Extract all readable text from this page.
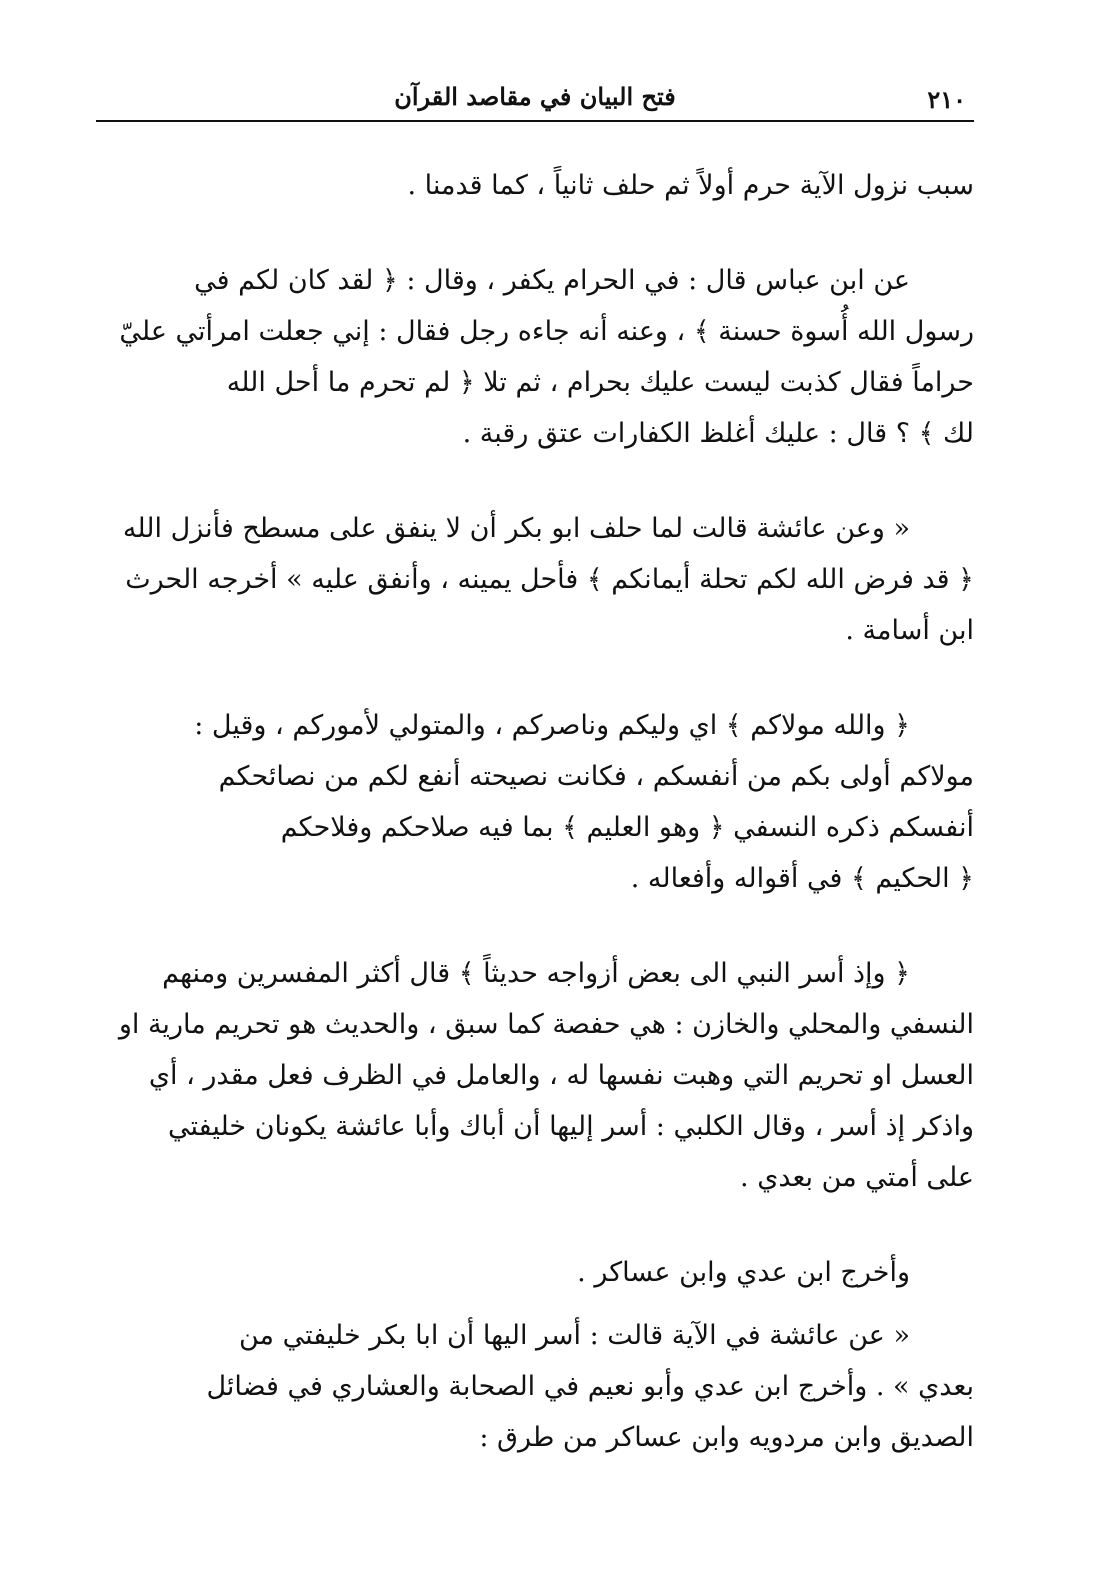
٢١٠
فتح البيان في مقاصد القرآن

سبب نزول الآية حرم أولاً ثم حلف ثانياً ، كما قدمنا .

عن ابن عباس قال : في الحرام يكفر ، وقال : ﴿ لقد كان لكم في
رسول الله أُسوة حسنة ﴾ ، وعنه أنه جاءه رجل فقال : إني جعلت امرأتي عليّ
حراماً فقال كذبت ليست عليك بحرام ، ثم تلا ﴿ لم تحرم ما أحل الله
لك ﴾ ؟ قال : عليك أغلظ الكفارات عتق رقبة .

« وعن عائشة قالت لما حلف ابو بكر أن لا ينفق على مسطح فأنزل الله
﴿ قد فرض الله لكم تحلة أيمانكم ﴾ فأحل يمينه ، وأنفق عليه » أخرجه الحرث
ابن أسامة .

﴿ والله مولاكم ﴾ اي وليكم وناصركم ، والمتولي لأموركم ، وقيل :
مولاكم أولى بكم من أنفسكم ، فكانت نصيحته أنفع لكم من نصائحكم
أنفسكم ذكره النسفي ﴿ وهو العليم ﴾ بما فيه صلاحكم وفلاحكم
﴿ الحكيم ﴾ في أقواله وأفعاله .

﴿ وإذ أسر النبي الى بعض أزواجه حديثاً ﴾ قال أكثر المفسرين ومنهم
النسفي والمحلي والخازن : هي حفصة كما سبق ، والحديث هو تحريم مارية او
العسل او تحريم التي وهبت نفسها له ، والعامل في الظرف فعل مقدر ، أي
واذكر إذ أسر ، وقال الكلبي : أسر إليها أن أباك وأبا عائشة يكونان خليفتي
على أمتي من بعدي .

وأخرج ابن عدي وابن عساكر .

« عن عائشة في الآية قالت : أسر اليها أن ابا بكر خليفتي من
بعدي » . وأخرج ابن عدي وأبو نعيم في الصحابة والعشاري في فضائل
الصديق وابن مردويه وابن عساكر من طرق :
